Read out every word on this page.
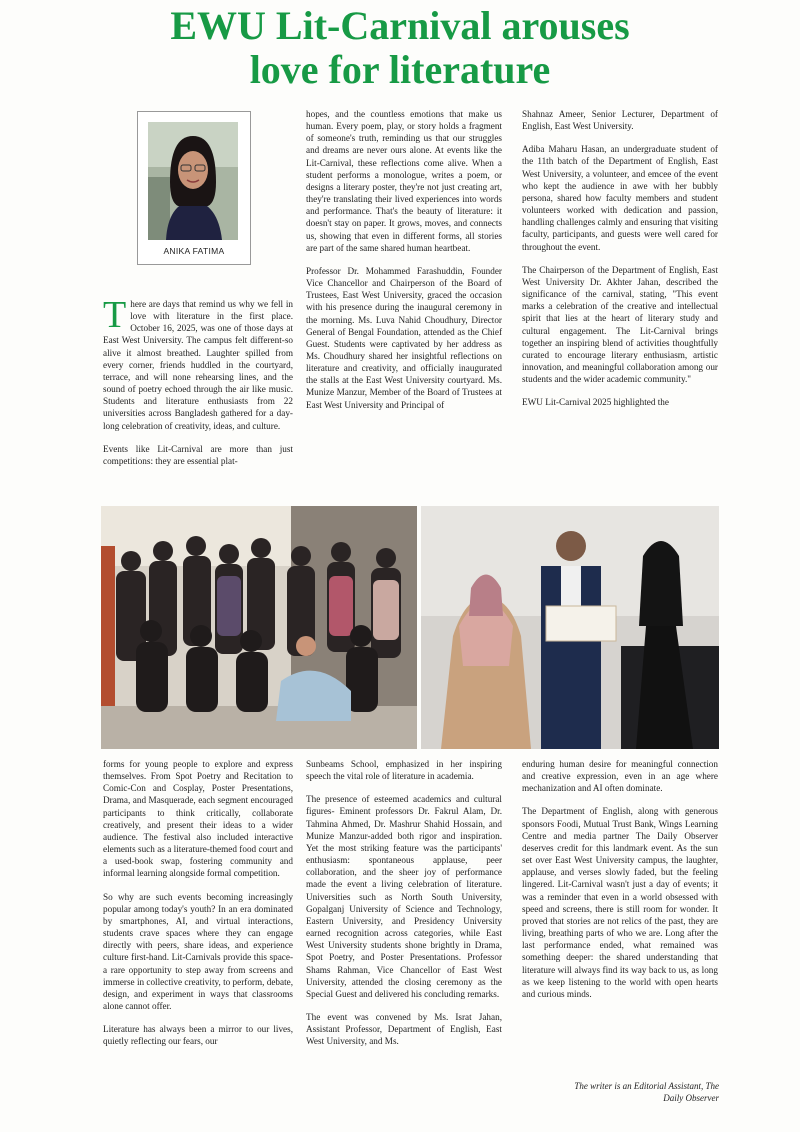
EWU Lit-Carnival arouses
love for literature
ANIKA FATIMA

T here are days that remind us why we fell in love with literature in the first place. October 16, 2025, was one of those days at East West University. The campus felt different-so alive it almost breathed. Laughter spilled from every corner, friends huddled in the courtyard, terrace, and will none rehearsing lines, and the sound of poetry echoed through the air like music. Students and literature enthusiasts from 22 universities across Bangladesh gathered for a day-long celebration of creativity, ideas, and culture.

Events like Lit-Carnival are more than just competitions: they are essential plat-

hopes, and the countless emotions that make us human. Every poem, play, or story holds a fragment of someone's truth, reminding us that our struggles and dreams are never ours alone. At events like the Lit-Carnival, these reflections come alive. When a student performs a monologue, writes a poem, or designs a literary poster, they're not just creating art, they're translating their lived experiences into words and performance. That's the beauty of literature: it doesn't stay on paper. It grows, moves, and connects us, showing that even in different forms, all stories are part of the same shared human heartbeat.

Professor Dr. Mohammed Farashuddin, Founder Vice Chancellor and Chairperson of the Board of Trustees, East West University, graced the occasion with his presence during the inaugural ceremony in the morning. Ms. Luva Nahid Choudhury, Director General of Bengal Foundation, attended as the Chief Guest. Students were captivated by her address as Ms. Choudhury shared her insightful reflections on literature and creativity, and officially inaugurated the stalls at the East West University courtyard. Ms. Munize Manzur, Member of the Board of Trustees at East West University and Principal of

Shahnaz Ameer, Senior Lecturer, Department of English, East West University.

Adiba Maharu Hasan, an undergraduate student of the 11th batch of the Department of English, East West University, a volunteer, and emcee of the event who kept the audience in awe with her bubbly persona, shared how faculty members and student volunteers worked with dedication and passion, handling challenges calmly and ensuring that visiting faculty, participants, and guests were well cared for throughout the event.

The Chairperson of the Department of English, East West University Dr. Akhter Jahan, described the significance of the carnival, stating, "This event marks a celebration of the creative and intellectual spirit that lies at the heart of literary study and cultural engagement. The Lit-Carnival brings together an inspiring blend of activities thoughtfully curated to encourage literary enthusiasm, artistic innovation, and meaningful collaboration among our students and the wider academic community."

EWU Lit-Carnival 2025 highlighted the

forms for young people to explore and express themselves. From Spot Poetry and Recitation to Comic-Con and Cosplay, Poster Presentations, Drama, and Masquerade, each segment encouraged participants to think critically, collaborate creatively, and present their ideas to a wider audience. The festival also included interactive elements such as a literature-themed food court and a used-book swap, fostering community and informal learning alongside formal competition.

So why are such events becoming increasingly popular among today's youth? In an era dominated by smartphones, AI, and virtual interactions, students crave spaces where they can engage directly with peers, share ideas, and experience culture first-hand. Lit-Carnivals provide this space-a rare opportunity to step away from screens and immerse in collective creativity, to perform, debate, design, and experiment in ways that classrooms alone cannot offer.

Literature has always been a mirror to our lives, quietly reflecting our fears, our

Sunbeams School, emphasized in her inspiring speech the vital role of literature in academia.

The presence of esteemed academics and cultural figures- Eminent professors Dr. Fakrul Alam, Dr. Tahmina Ahmed, Dr. Mashrur Shahid Hossain, and Munize Manzur-added both rigor and inspiration. Yet the most striking feature was the participants' enthusiasm: spontaneous applause, peer collaboration, and the sheer joy of performance made the event a living celebration of literature. Universities such as North South University, Gopalganj University of Science and Technology, Eastern University, and Presidency University earned recognition across categories, while East West University students shone brightly in Drama, Spot Poetry, and Poster Presentations. Professor Shams Rahman, Vice Chancellor of East West University, attended the closing ceremony as the Special Guest and delivered his concluding remarks.

The event was convened by Ms. Israt Jahan, Assistant Professor, Department of English, East West University, and Ms.

enduring human desire for meaningful connection and creative expression, even in an age where mechanization and AI often dominate.

The Department of English, along with generous sponsors Foodi, Mutual Trust Bank, Wings Learning Centre and media partner The Daily Observer deserves credit for this landmark event. As the sun set over East West University campus, the laughter, applause, and verses slowly faded, but the feeling lingered. Lit-Carnival wasn't just a day of events; it was a reminder that even in a world obsessed with speed and screens, there is still room for wonder. It proved that stories are not relics of the past, they are living, breathing parts of who we are. Long after the last performance ended, what remained was something deeper: the shared understanding that literature will always find its way back to us, as long as we keep listening to the world with open hearts and curious minds.

The writer is an Editorial Assistant, The
Daily Observer
